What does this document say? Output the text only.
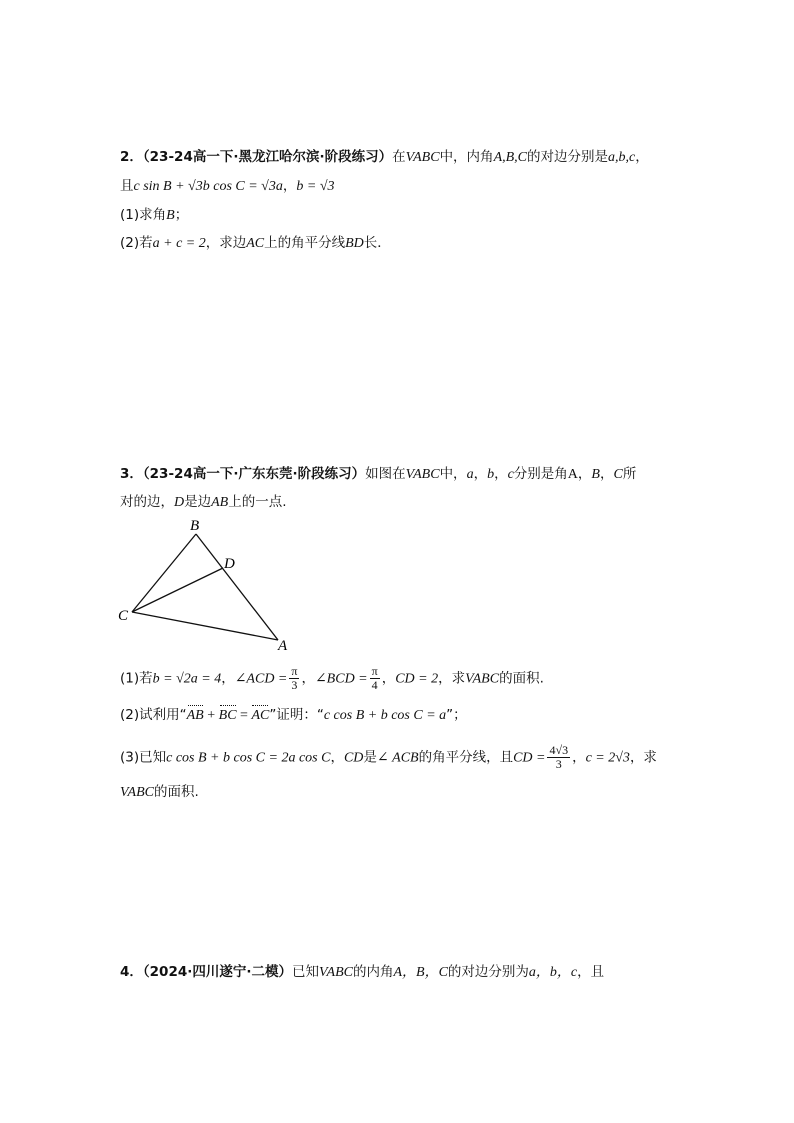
2．（23-24高一下·黑龙江哈尔滨·阶段练习）在VABC中，内角A,B,C的对边分别是a,b,c，
且c sin B + √3b cos C = √3a，b = √3
(1)求角B；
(2)若a + c = 2，求边AC上的角平分线BD长．
3．（23-24高一下·广东东莞·阶段练习）如图在VABC中，a，b，c分别是角A，B，C所
对的边，D是边AB上的一点.
B
D
C
A
(1)若b = √2a = 4，∠ACD = $\frac{\pi}{3}$ ，∠BCD = $\frac{\pi}{4}$ ，CD = 2，求VABC的面积.
(2)试利用“AB + BC = AC”证明：“c cos B + b cos C = a”；
(3)已知c cos B + b cos C = 2a cos C，CD是∠ ACB的角平分线，且CD = $\frac{4√3}{3}$ ，c = 2√3，求
VABC的面积.
4．（2024·四川遂宁·二模）已知VABC的内角A，B，C的对边分别为a，b，c，且
